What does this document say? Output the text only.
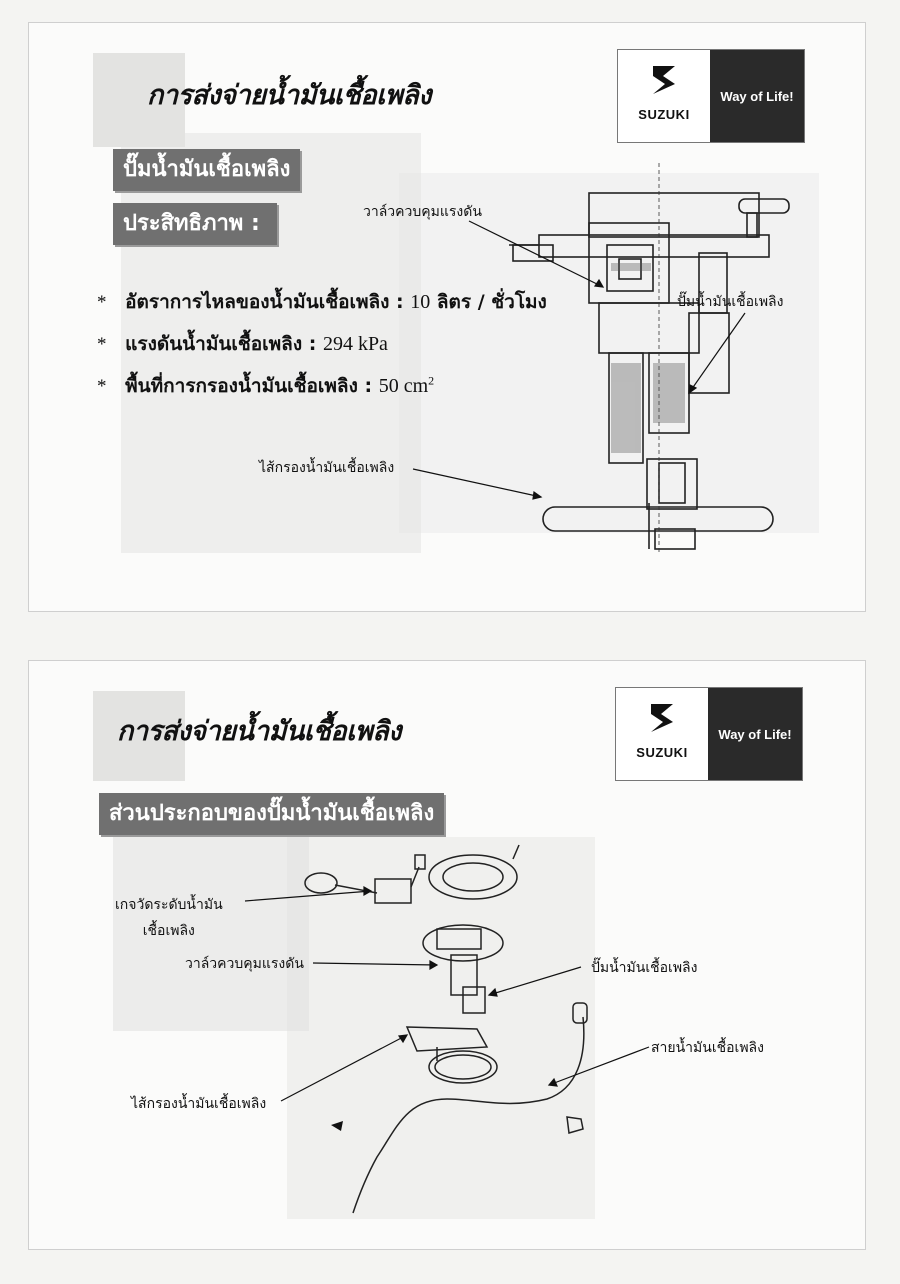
การส่งจ่ายน้ำมันเชื้อเพลิง
SUZUKI
Way of Life!
ปั๊มน้ำมันเชื้อเพลิง
ประสิทธิภาพ :
* อัตราการไหลของน้ำมันเชื้อเพลิง : 10 ลิตร / ชั่วโมง
* แรงดันน้ำมันเชื้อเพลิง : 294 kPa
* พื้นที่การกรองน้ำมันเชื้อเพลิง : 50 $cm^2$
วาล์วควบคุมแรงดัน
ปั๊มน้ำมันเชื้อเพลิง
ไส้กรองน้ำมันเชื้อเพลิง
การส่งจ่ายน้ำมันเชื้อเพลิง
SUZUKI
Way of Life!
ส่วนประกอบของปั๊มน้ำมันเชื้อเพลิง
เกจวัดระดับน้ำมัน
เชื้อเพลิง
วาล์วควบคุมแรงดัน	ปั๊มน้ำมันเชื้อเพลิง
สายน้ำมันเชื้อเพลิง
ไส้กรองน้ำมันเชื้อเพลิง
